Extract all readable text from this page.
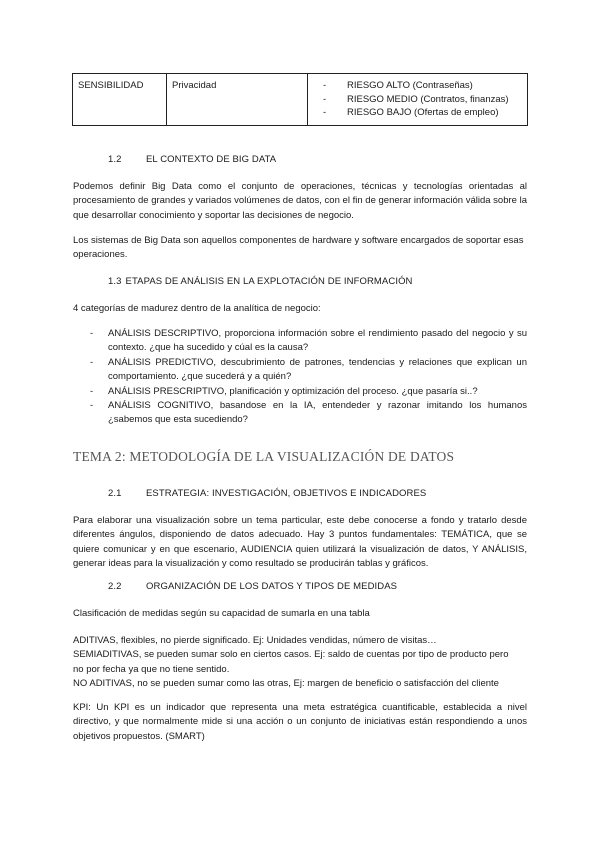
SENSIBILIDAD	Privacidad	
-RIESGO ALTO (Contraseñas)
- RIESGO MEDIO (Contratos, finanzas)
- RIESGO BAJO (Ofertas de empleo)
1.2	EL CONTEXTO DE BIG DATA

Podemos definir Big Data como el conjunto de operaciones, técnicas y tecnologías orientadas al procesamiento de grandes y variados volúmenes de datos, con el fin de generar información válida sobre la que desarrollar conocimiento y soportar las decisiones de negocio.

Los sistemas de Big Data son aquellos componentes de hardware y software encargados de soportar esas operaciones.

1.3 ETAPAS DE ANÁLISIS EN LA EXPLOTACIÓN DE INFORMACIÓN

4 categorías de madurez dentro de la analítica de negocio:

- ANÁLISIS DESCRIPTIVO, proporciona información sobre el rendimiento pasado del negocio y su contexto. ¿que ha sucedido y cúal es la causa?
- ANÁLISIS PREDICTIVO, descubrimiento de patrones, tendencias y relaciones que explican un comportamiento. ¿que sucederá y a quién?
- ANÁLISIS PRESCRIPTIVO, planificación y optimización del proceso. ¿que pasaría si..?
- ANÁLISIS COGNITIVO, basandose en la IA, entendeder y razonar imitando los humanos ¿sabemos que esta sucediendo?
TEMA 2: METODOLOGÍA DE LA VISUALIZACIÓN DE DATOS
2.1	ESTRATEGIA: INVESTIGACIÓN, OBJETIVOS E INDICADORES

Para elaborar una visualización sobre un tema particular, este debe conocerse a fondo y tratarlo desde diferentes ángulos, disponiendo de datos adecuado. Hay 3 puntos fundamentales: TEMÁTICA, que se quiere comunicar y en que escenario, AUDIENCIA quien utilizará la visualización de datos, Y ANÁLISIS, generar ideas para la visualización y como resultado se producirán tablas y gráficos.

2.2	ORGANIZACIÓN DE LOS DATOS Y TIPOS DE MEDIDAS

Clasificación de medidas según su capacidad de sumarla en una tabla

ADITIVAS, flexibles, no pierde significado. Ej: Unidades vendidas, número de visitas…
SEMIADITIVAS, se pueden sumar solo en ciertos casos. Ej: saldo de cuentas por tipo de producto pero
no por fecha ya que no tiene sentido.
NO ADITIVAS, no se pueden sumar como las otras, Ej: margen de beneficio o satisfacción del cliente

KPI: Un KPI es un indicador que representa una meta estratégica cuantificable, establecida a nivel directivo, y que normalmente mide si una acción o un conjunto de iniciativas están respondiendo a unos objetivos propuestos. (SMART)
